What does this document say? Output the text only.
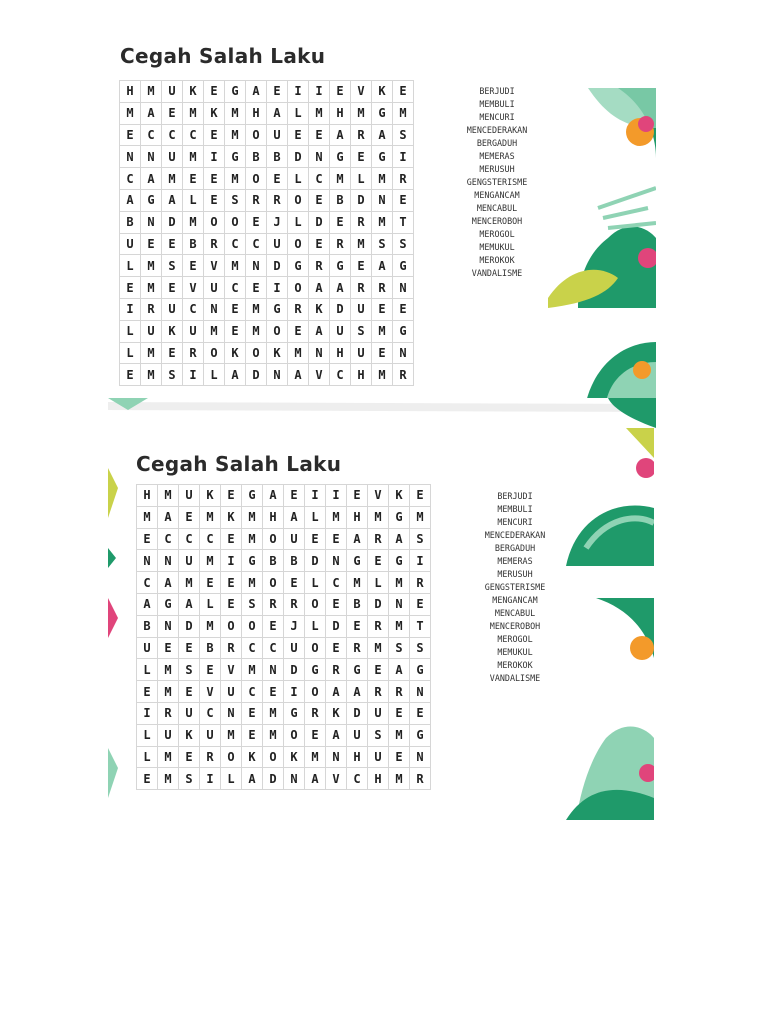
Cegah Salah Laku
H	M	U	K	E	G	A	E	I	I	E	V	K	E
M	A	E	M	K	M	H	A	L	M	H	M	G	M
E	C	C	C	E	M	O	U	E	E	A	R	A	S
N	N	U	M	I	G	B	B	D	N	G	E	G	I
C	A	M	E	E	M	O	E	L	C	M	L	M	R
A	G	A	L	E	S	R	R	O	E	B	D	N	E
B	N	D	M	O	O	E	J	L	D	E	R	M	T
U	E	E	B	R	C	C	U	O	E	R	M	S	S
L	M	S	E	V	M	N	D	G	R	G	E	A	G
E	M	E	V	U	C	E	I	O	A	A	R	R	N
I	R	U	C	N	E	M	G	R	K	D	U	E	E
L	U	K	U	M	E	M	O	E	A	U	S	M	G
L	M	E	R	O	K	O	K	M	N	H	U	E	N
E	M	S	I	L	A	D	N	A	V	C	H	M	R
BERJUDI
MEMBULI
MENCURI
MENCEDERAKAN
BERGADUH
MEMERAS
MERUSUH
GENGSTERISME
MENGANCAM
MENCABUL
MENCEROBOH
MEROGOL
MEMUKUL
MEROKOK
VANDALISME
Cegah Salah Laku
H	M	U	K	E	G	A	E	I	I	E	V	K	E
M	A	E	M	K	M	H	A	L	M	H	M	G	M
E	C	C	C	E	M	O	U	E	E	A	R	A	S
N	N	U	M	I	G	B	B	D	N	G	E	G	I
C	A	M	E	E	M	O	E	L	C	M	L	M	R
A	G	A	L	E	S	R	R	O	E	B	D	N	E
B	N	D	M	O	O	E	J	L	D	E	R	M	T
U	E	E	B	R	C	C	U	O	E	R	M	S	S
L	M	S	E	V	M	N	D	G	R	G	E	A	G
E	M	E	V	U	C	E	I	O	A	A	R	R	N
I	R	U	C	N	E	M	G	R	K	D	U	E	E
L	U	K	U	M	E	M	O	E	A	U	S	M	G
L	M	E	R	O	K	O	K	M	N	H	U	E	N
E	M	S	I	L	A	D	N	A	V	C	H	M	R
BERJUDI
MEMBULI
MENCURI
MENCEDERAKAN
BERGADUH
MEMERAS
MERUSUH
GENGSTERISME
MENGANCAM
MENCABUL
MENCEROBOH
MEROGOL
MEMUKUL
MEROKOK
VANDALISME
